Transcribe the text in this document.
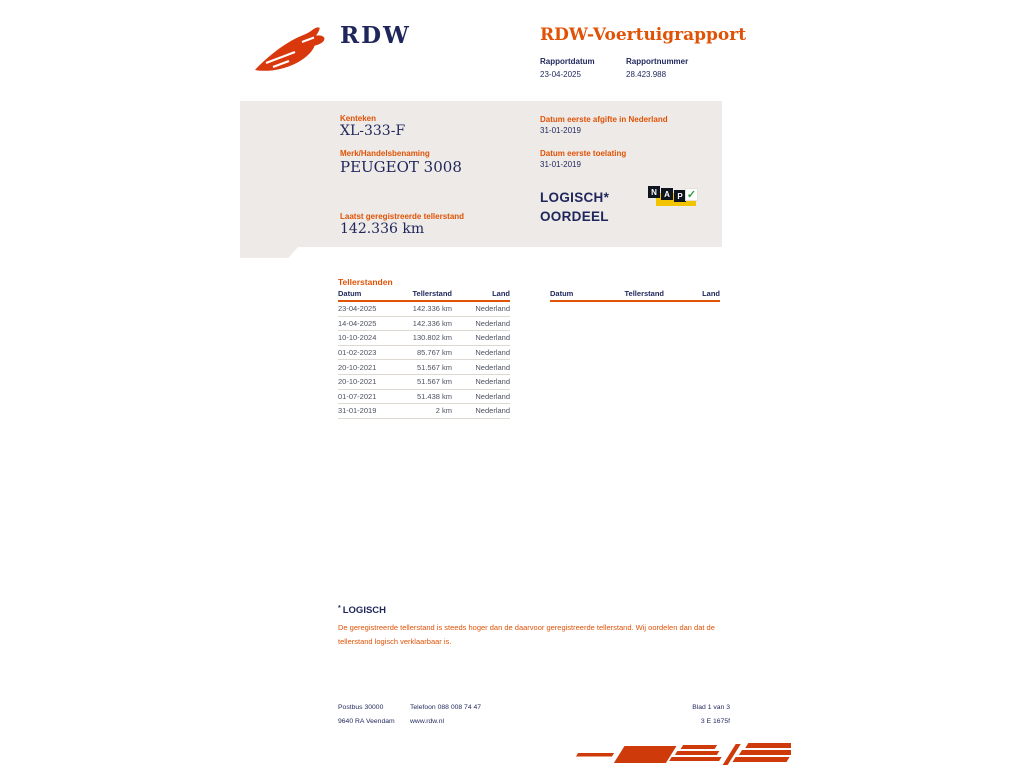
RDW	RDW-Voertuigrapport
Rapportdatum
23-04-2025
Rapportnummer
28.423.988
Kenteken
XL-333-F
Merk/Handelsbenaming
PEUGEOT 3008
Laatst geregistreerde tellerstand
142.336 km
Datum eerste afgifte in Nederland
31-01-2019
Datum eerste toelating
31-01-2019
LOGISCH*
OORDEEL
N A P ✓
Tellerstanden
Datum	Tellerstand	Land
23-04-2025	142.336 km	Nederland
14-04-2025	142.336 km	Nederland
10-10-2024	130.802 km	Nederland
01-02-2023	85.767 km	Nederland
20-10-2021	51.567 km	Nederland
20-10-2021	51.567 km	Nederland
01-07-2021	51.438 km	Nederland
31-01-2019	2 km	Nederland
Datum	Tellerstand	Land
* LOGISCH
De geregistreerde tellerstand is steeds hoger dan de daarvoor geregistreerde tellerstand. Wij oordelen dan dat de tellerstand logisch verklaarbaar is.
Postbus 30000
9640 RA Veendam
Telefoon 088 008 74 47
www.rdw.nl
Blad 1 van 3
3 E 1675f
